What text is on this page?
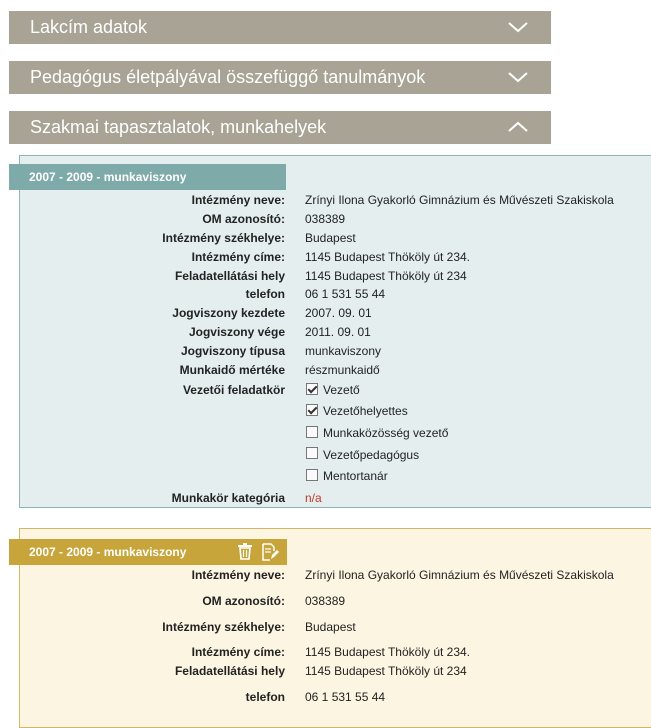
Lakcím adatok
Pedagógus életpályával összefüggő tanulmányok
Szakmai tapasztalatok, munkahelyek
2007 - 2009 - munkaviszony
Intézmény neve: Zrínyi Ilona Gyakorló Gimnázium és Művészeti Szakiskola
OM azonosító: 038389
Intézmény székhelye: Budapest
Intézmény címe: 1145 Budapest Thököly út 234.
Feladatellátási hely 1145 Budapest Thököly út 234
telefon 06 1 531 55 44
Jogviszony kezdete 2007. 09. 01
Jogviszony vége 2011. 09. 01
Jogviszony típusa munkaviszony
Munkaidő mértéke részmunkaidő
Vezetői feladatkör	Vezető
Vezetőhelyettes
Munkaközösség vezető
Vezetőpedagógus
Mentortanár
Munkakör kategória n/a
2007 - 2009 - munkaviszony
Intézmény neve: Zrínyi Ilona Gyakorló Gimnázium és Művészeti Szakiskola
OM azonosító: 038389
Intézmény székhelye: Budapest
Intézmény címe: 1145 Budapest Thököly út 234.
Feladatellátási hely 1145 Budapest Thököly út 234
telefon 06 1 531 55 44
